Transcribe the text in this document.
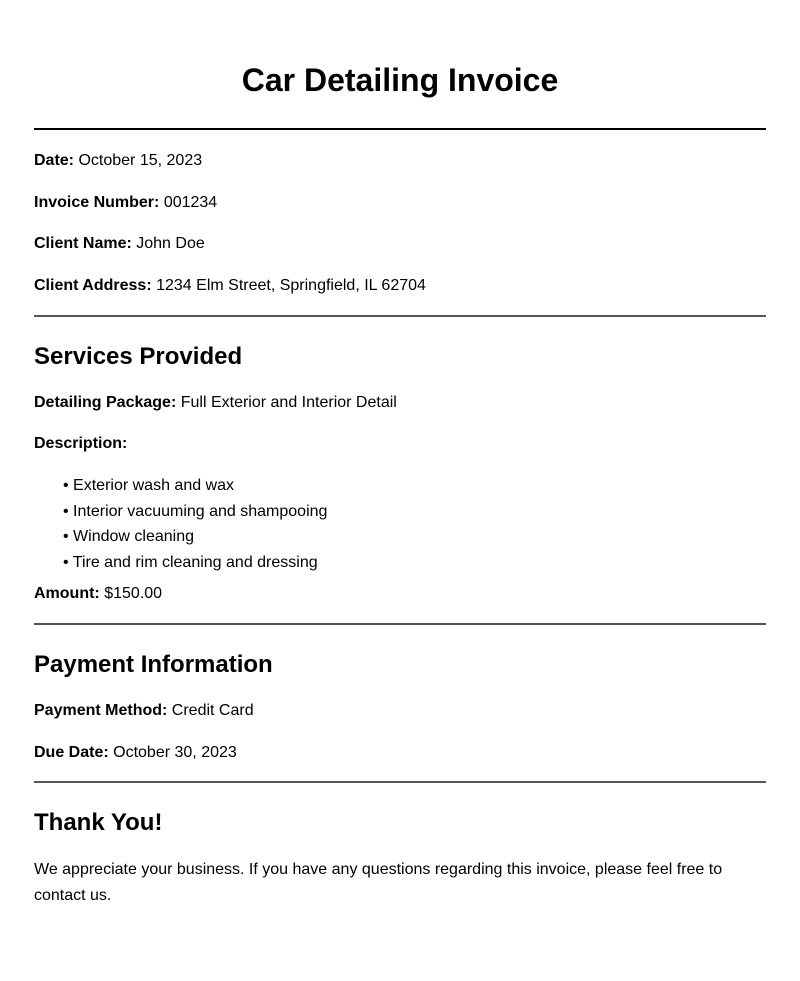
Car Detailing Invoice

Date: October 15, 2023

Invoice Number: 001234

Client Name: John Doe

Client Address: 1234 Elm Street, Springfield, IL 62704

Services Provided

Detailing Package: Full Exterior and Interior Detail

Description:

• Exterior wash and wax
• Interior vacuuming and shampooing
• Window cleaning
• Tire and rim cleaning and dressing

Amount: $150.00

Payment Information

Payment Method: Credit Card

Due Date: October 30, 2023

Thank You!

We appreciate your business. If you have any questions regarding this invoice, please feel free to contact us.
